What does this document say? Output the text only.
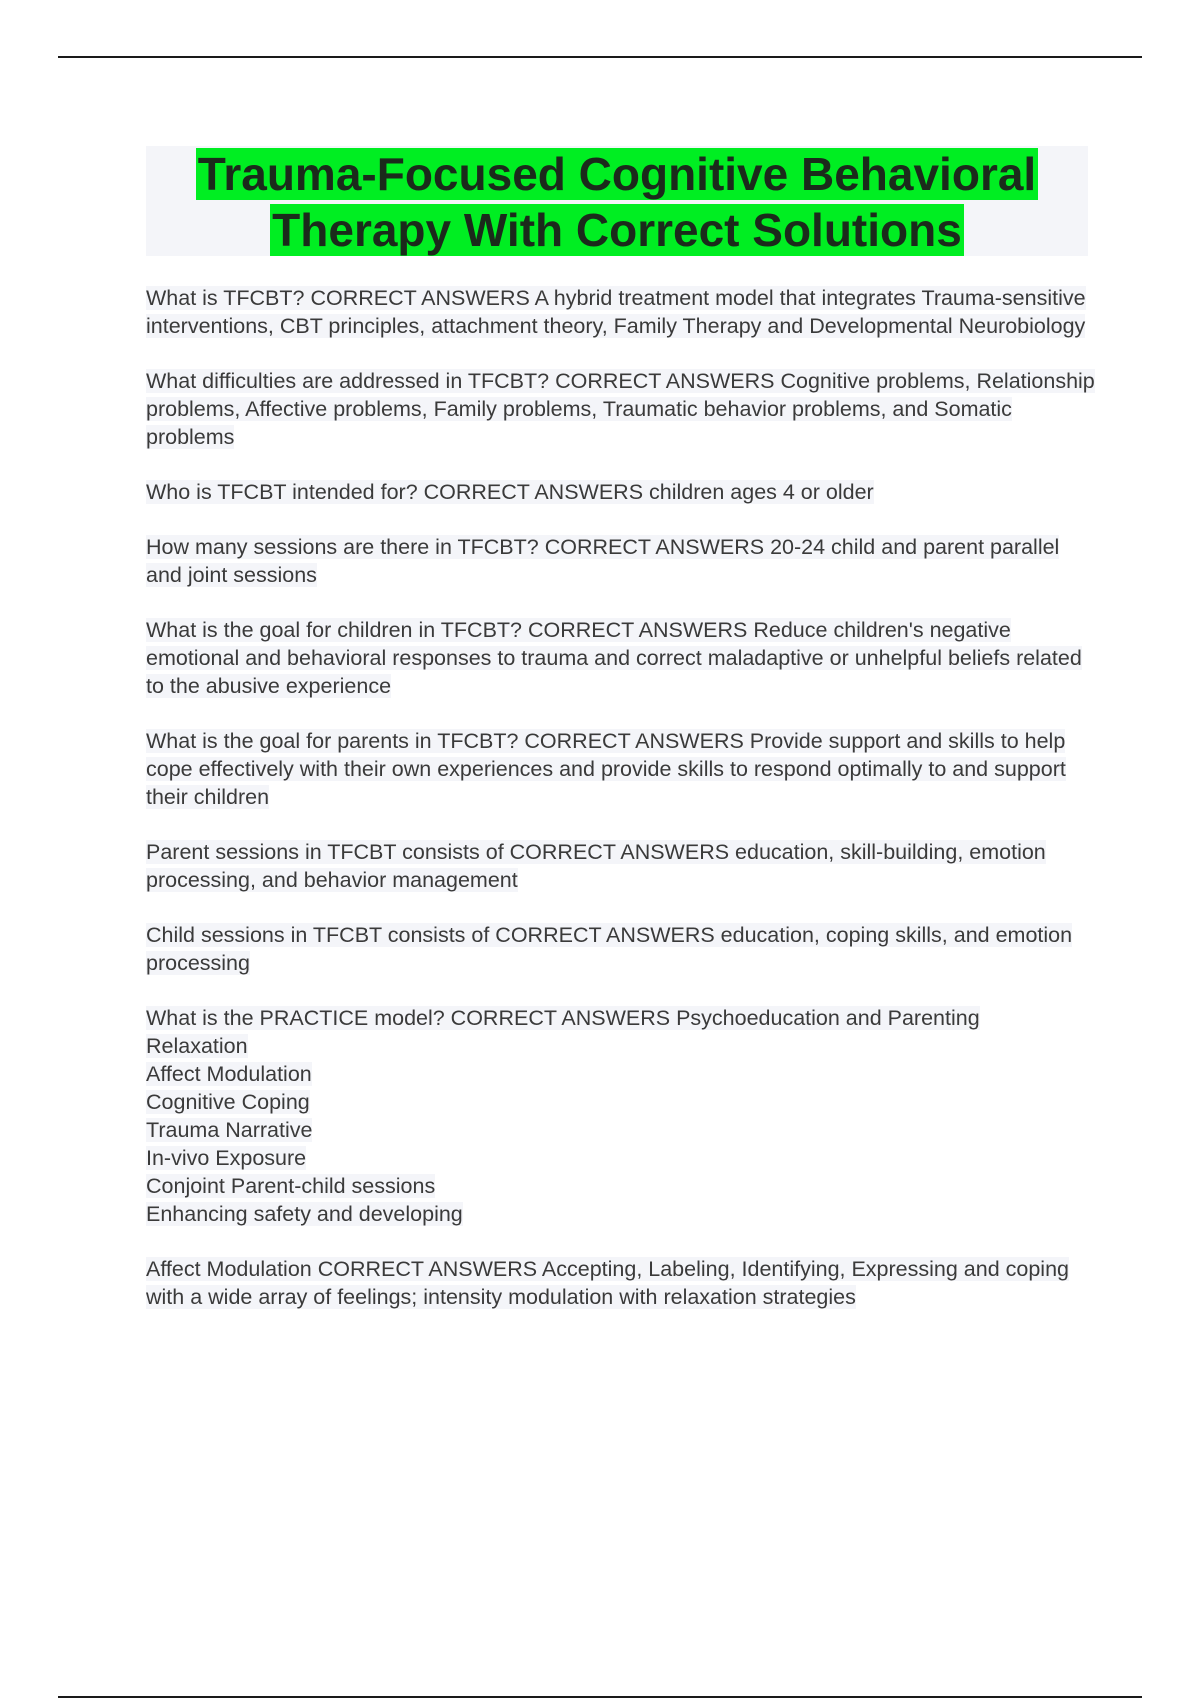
Trauma-Focused Cognitive Behavioral
Therapy With Correct Solutions

What is TFCBT? CORRECT ANSWERS A hybrid treatment model that integrates Trauma-sensitive interventions, CBT principles, attachment theory, Family Therapy and Developmental Neurobiology

What difficulties are addressed in TFCBT? CORRECT ANSWERS Cognitive problems, Relationship problems, Affective problems, Family problems, Traumatic behavior problems, and Somatic problems

Who is TFCBT intended for? CORRECT ANSWERS children ages 4 or older

How many sessions are there in TFCBT? CORRECT ANSWERS 20-24 child and parent parallel and joint sessions

What is the goal for children in TFCBT? CORRECT ANSWERS Reduce children's negative emotional and behavioral responses to trauma and correct maladaptive or unhelpful beliefs related to the abusive experience

What is the goal for parents in TFCBT? CORRECT ANSWERS Provide support and skills to help cope effectively with their own experiences and provide skills to respond optimally to and support their children

Parent sessions in TFCBT consists of CORRECT ANSWERS education, skill-building, emotion processing, and behavior management

Child sessions in TFCBT consists of CORRECT ANSWERS education, coping skills, and emotion processing

What is the PRACTICE model? CORRECT ANSWERS Psychoeducation and Parenting
Relaxation
Affect Modulation
Cognitive Coping
Trauma Narrative
In-vivo Exposure
Conjoint Parent-child sessions
Enhancing safety and developing

Affect Modulation CORRECT ANSWERS Accepting, Labeling, Identifying, Expressing and coping with a wide array of feelings; intensity modulation with relaxation strategies
